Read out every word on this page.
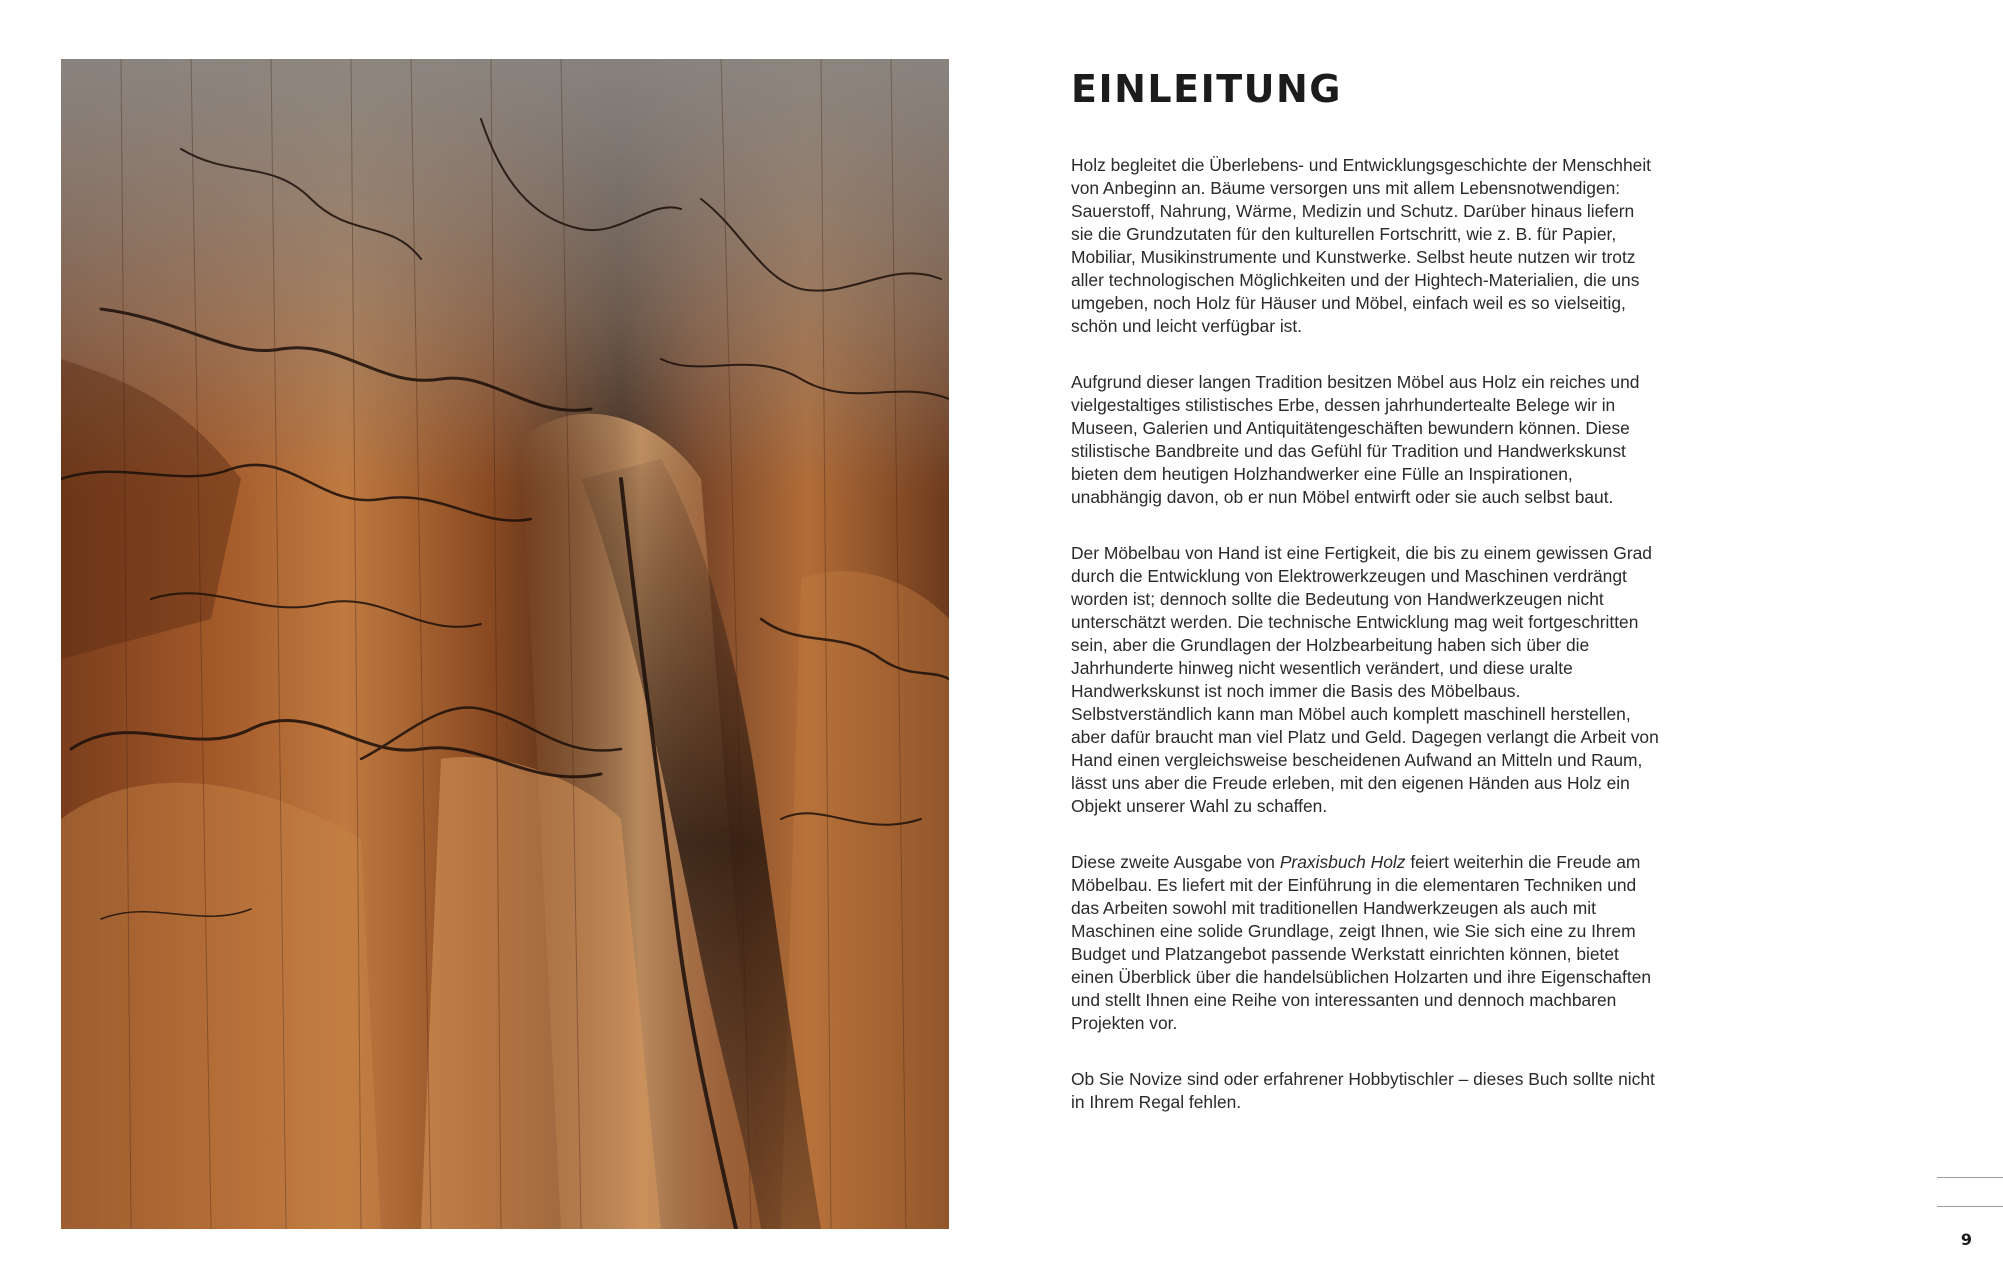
EINLEITUNG

Holz begleitet die Überlebens- und Entwicklungsgeschichte der Menschheit von Anbeginn an. Bäume versorgen uns mit allem Lebensnotwendigen: Sauerstoff, Nahrung, Wärme, Medizin und Schutz. Darüber hinaus liefern sie die Grundzutaten für den kulturellen Fortschritt, wie z. B. für Papier, Mobiliar, Musikinstrumente und Kunstwerke. Selbst heute nutzen wir trotz aller technologischen Möglichkeiten und der Hightech-Materialien, die uns umgeben, noch Holz für Häuser und Möbel, einfach weil es so vielseitig, schön und leicht verfügbar ist.

Aufgrund dieser langen Tradition besitzen Möbel aus Holz ein reiches und vielgestaltiges stilistisches Erbe, dessen jahrhundertealte Belege wir in Museen, Galerien und Antiquitätengeschäften bewundern können. Diese stilistische Bandbreite und das Gefühl für Tradition und Handwerkskunst bieten dem heutigen Holzhandwerker eine Fülle an Inspirationen, unabhängig davon, ob er nun Möbel entwirft oder sie auch selbst baut.

Der Möbelbau von Hand ist eine Fertigkeit, die bis zu einem gewissen Grad durch die Entwicklung von Elektrowerkzeugen und Maschinen verdrängt worden ist; dennoch sollte die Bedeutung von Handwerkzeugen nicht unterschätzt werden. Die technische Entwicklung mag weit fortgeschritten sein, aber die Grundlagen der Holzbearbeitung haben sich über die Jahrhunderte hinweg nicht wesentlich verändert, und diese uralte Handwerkskunst ist noch immer die Basis des Möbelbaus. Selbstverständlich kann man Möbel auch komplett maschinell herstellen, aber dafür braucht man viel Platz und Geld. Dagegen verlangt die Arbeit von Hand einen vergleichsweise bescheidenen Aufwand an Mitteln und Raum, lässt uns aber die Freude erleben, mit den eigenen Händen aus Holz ein Objekt unserer Wahl zu schaffen.

Diese zweite Ausgabe von Praxisbuch Holz feiert weiterhin die Freude am Möbelbau. Es liefert mit der Einführung in die elementaren Techniken und das Arbeiten sowohl mit traditionellen Handwerkzeugen als auch mit Maschinen eine solide Grundlage, zeigt Ihnen, wie Sie sich eine zu Ihrem Budget und Platzangebot passende Werkstatt einrichten können, bietet einen Überblick über die handelsüblichen Holzarten und ihre Eigenschaften und stellt Ihnen eine Reihe von interessanten und dennoch machbaren Projekten vor.

Ob Sie Novize sind oder erfahrener Hobbytischler – dieses Buch sollte nicht in Ihrem Regal fehlen.

9
